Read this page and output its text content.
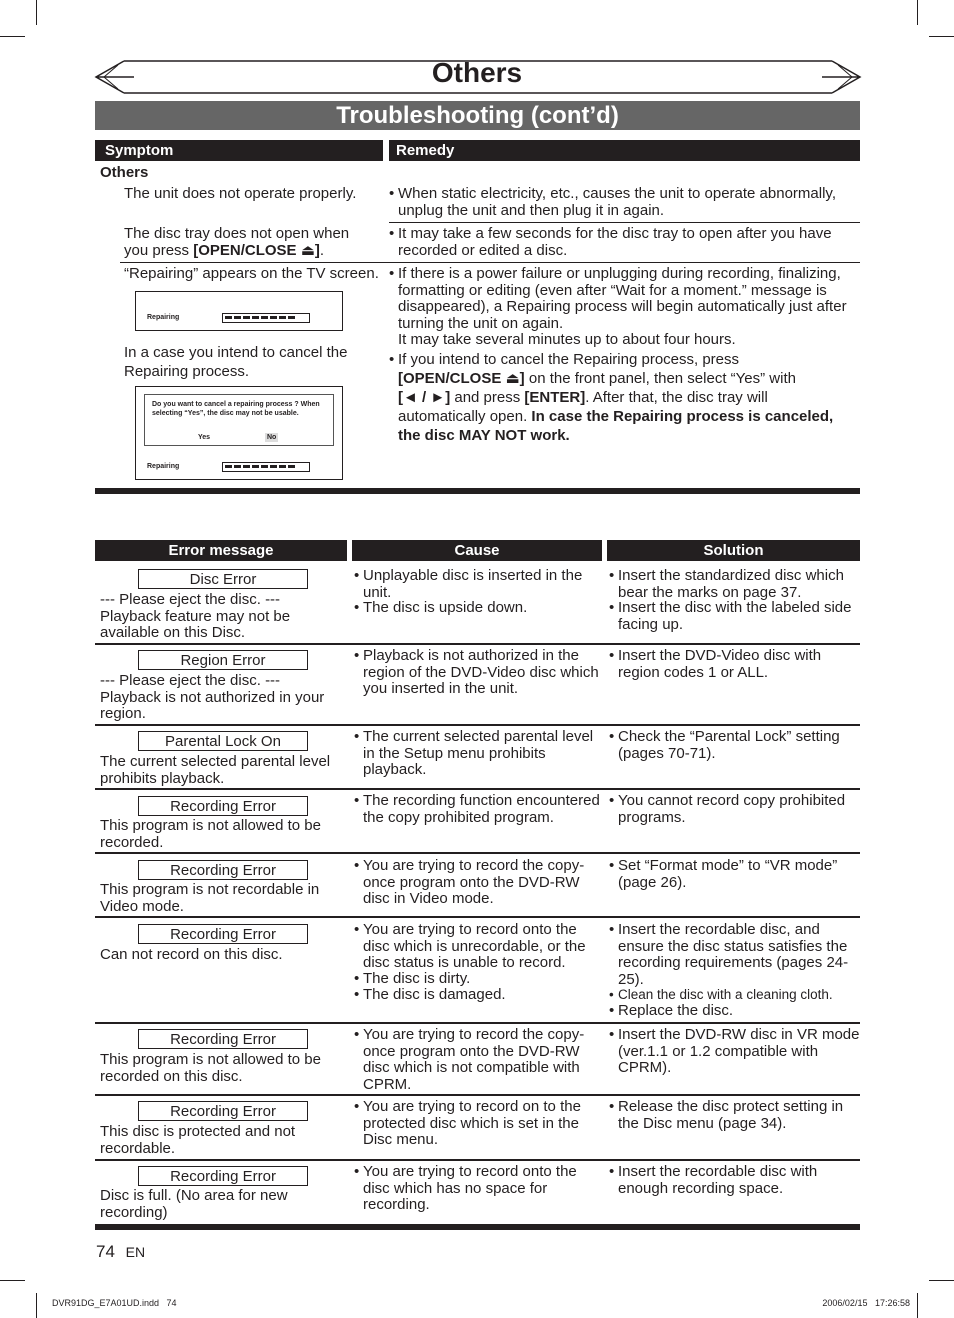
Others
Troubleshooting (cont’d)
Symptom	Remedy
Others
The unit does not operate properly.
•	When static electricity, etc., causes the unit to operate abnormally, unplug the unit and then plug it in again.
The disc tray does not open when
you press [OPEN/CLOSE ⏏].
• It may take a few seconds for the disc tray to open after you have recorded or edited a disc.
“Repairing” appears on the TV screen.
Repairing
In a case you intend to cancel the Repairing process.
Do you want to cancel a repairing process ? When selecting “Yes”, the disc may not be usable.
Yes	No
Repairing
• If there is a power failure or unplugging during recording, finalizing, formatting or editing (even after “Wait for a moment.” message is disappeared), a Repairing process will begin automatically just after turning the unit on again.
It may take several minutes up to about four hours.
• If you intend to cancel the Repairing process, press
[OPEN/CLOSE ⏏] on the front panel, then select “Yes” with
[◄ / ►] and press [ENTER]. After that, the disc tray will
automatically open. In case the Repairing process is canceled,
the disc MAY NOT work.
Error message	Cause	Solution
Disc Error
--- Please eject the disc. --- Playback feature may not be available on this Disc.
• Unplayable disc is inserted in the unit.
• The disc is upside down.
• Insert the standardized disc which bear the marks on page 37.
• Insert the disc with the labeled side facing up.
Region Error
--- Please eject the disc. --- Playback is not authorized in your region.
• Playback is not authorized in the region of the DVD-Video disc which you inserted in the unit.
• Insert the DVD-Video disc with region codes 1 or ALL.
Parental Lock On
The current selected parental level prohibits playback.
• The current selected parental level in the Setup menu prohibits playback.
• Check the “Parental Lock” setting (pages 70-71).
Recording Error
This program is not allowed to be recorded.
• The recording function encountered the copy prohibited program.
• You cannot record copy prohibited programs.
Recording Error
This program is not recordable in Video mode.
• You are trying to record the copy-once program onto the DVD-RW disc in Video mode.
• Set “Format mode” to “VR mode” (page 26).
Recording Error
Can not record on this disc.
• You are trying to record onto the disc which is unrecordable, or the disc status is unable to record.
• The disc is dirty.
• The disc is damaged.
• Insert the recordable disc, and ensure the disc status satisfies the recording requirements (pages 24-25).
• Clean the disc with a cleaning cloth.
• Replace the disc.
Recording Error
This program is not allowed to be recorded on this disc.
• You are trying to record the copy-once program onto the DVD-RW disc which is not compatible with CPRM.
• Insert the DVD-RW disc in VR mode (ver.1.1 or 1.2 compatible with CPRM).
Recording Error
This disc is protected and not recordable.
• You are trying to record on to the protected disc which is set in the Disc menu.
• Release the disc protect setting in the Disc menu (page 34).
Recording Error
Disc is full. (No area for new recording)
• You are trying to record onto the disc which has no space for recording.
• Insert the recordable disc with enough recording space.
74 EN
DVR91DG_E7A01UD.indd   74	2006/02/15   17:26:58
